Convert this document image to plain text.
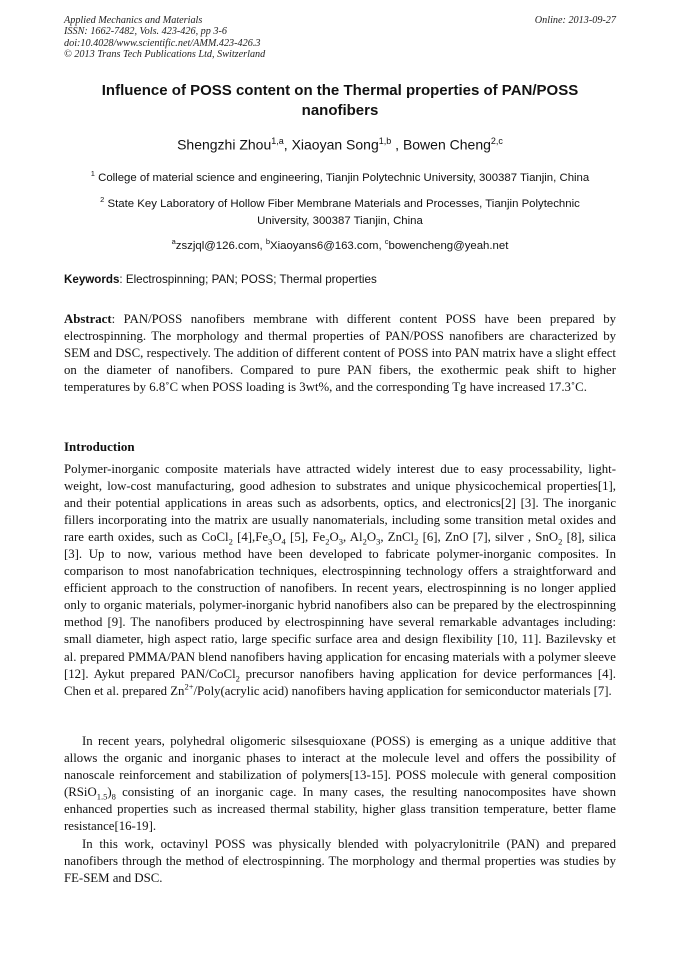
Applied Mechanics and Materials
ISSN: 1662-7482, Vols. 423-426, pp 3-6
doi:10.4028/www.scientific.net/AMM.423-426.3
© 2013 Trans Tech Publications Ltd, Switzerland
Online: 2013-09-27
Influence of POSS content on the Thermal properties of PAN/POSS
nanofibers
Shengzhi Zhou$^{1,a}$, Xiaoyan Song$^{1,b}$ , Bowen Cheng$^{2,c}$
$^1$ College of material science and engineering, Tianjin Polytechnic University, 300387 Tianjin, China
$^2$ State Key Laboratory of Hollow Fiber Membrane Materials and Processes, Tianjin Polytechnic
University, 300387 Tianjin, China
$^a$zszjql@126.com, $^b$Xiaoyans6@163.com, $^c$bowencheng@yeah.net
Keywords: Electrospinning; PAN; POSS; Thermal properties
Abstract: PAN/POSS nanofibers membrane with different content POSS have been prepared by electrospinning. The morphology and thermal properties of PAN/POSS nanofibers are characterized by SEM and DSC, respectively. The addition of different content of POSS into PAN matrix have a slight effect on the diameter of nanofibers. Compared to pure PAN fibers, the exothermic peak shift to higher temperatures by 6.8˚C when POSS loading is 3wt%, and the corresponding Tg have increased 17.3˚C.
Introduction
Polymer-inorganic composite materials have attracted widely interest due to easy processability, light-weight, low-cost manufacturing, good adhesion to substrates and unique physicochemical properties[1], and their potential applications in areas such as adsorbents, optics, and electronics[2] [3]. The inorganic fillers incorporating into the matrix are usually nanomaterials, including some transition metal oxides and rare earth oxides, such as CoCl$_2$ $[4],Fe_3O_4$ [5], $Fe_2O_3$, $Al_2O_3$, ZnCl$_2$ [6], ZnO [7], silver , SnO$_2$ [8], silica [3]. Up to now, various method have been developed to fabricate polymer-inorganic composites. In comparison to most nanofabrication techniques, electrospinning technology offers a straightforward and efficient approach to the construction of nanofibers. In recent years, electrospinning is no longer applied only to organic materials, polymer-inorganic hybrid nanofibers also can be prepared by the electrospinning method [9]. The nanofibers produced by electrospinning have several remarkable advantages including: small diameter, high aspect ratio, large specific surface area and design flexibility [10, 11]. Bazilevsky et al. prepared PMMA/PAN blend nanofibers having application for encasing materials with a polymer sleeve [12]. Aykut prepared PAN/CoCl$_2$ precursor nanofibers having application for device performances [4]. Chen et al. prepared $Zn^{2+}/Poly(acrylic$ acid) nanofibers having application for semiconductor materials [7].
In recent years, polyhedral oligomeric silsesquioxane (POSS) is emerging as a unique additive that allows the organic and inorganic phases to interact at the molecule level and offers the possibility of nanoscale reinforcement and stabilization of polymers[13-15]. POSS molecule with general composition $(RSiO_{1.5})_8$ consisting of an inorganic cage. In many cases, the resulting nanocomposites have shown enhanced properties such as increased thermal stability, higher glass transition temperature, better flame resistance[16-19].
In this work, octavinyl POSS was physically blended with polyacrylonitrile (PAN) and prepared nanofibers through the method of electrospinning. The morphology and thermal properties was studies by FE-SEM and DSC.
